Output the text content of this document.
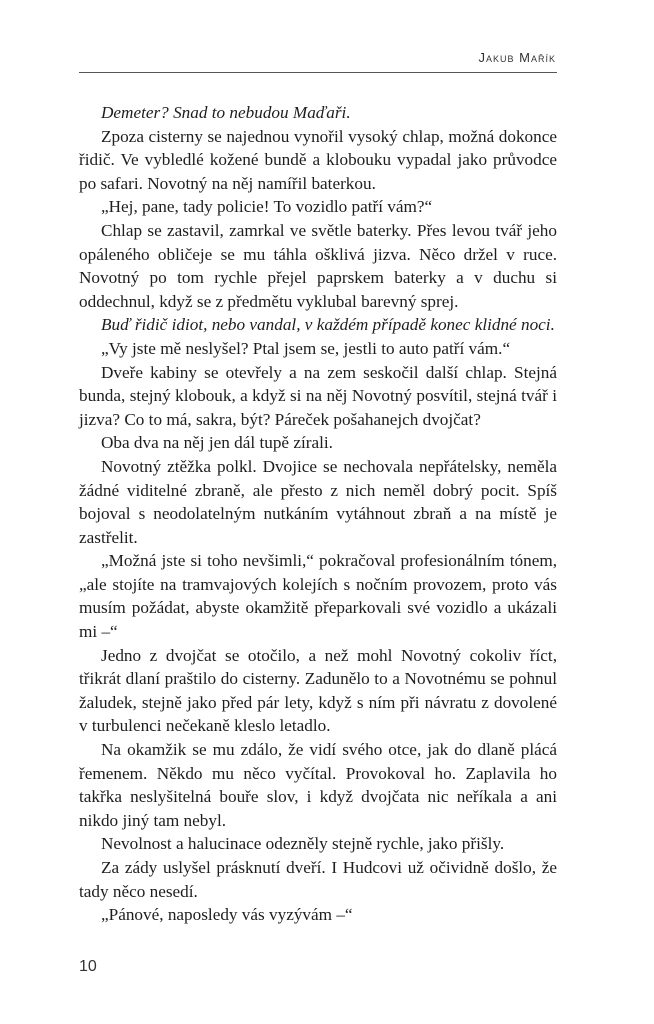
Jakub Mařík

Demeter? Snad to nebudou Maďaři.

Zpoza cisterny se najednou vynořil vysoký chlap, možná dokonce řidič. Ve vybledlé kožené bundě a klobouku vypadal jako průvodce po safari. Novotný na něj namířil baterkou.

„Hej, pane, tady policie! To vozidlo patří vám?“

Chlap se zastavil, zamrkal ve světle baterky. Přes levou tvář jeho opáleného obličeje se mu táhla ošklivá jizva. Něco držel v ruce. Novotný po tom rychle přejel paprskem baterky a v duchu si oddechnul, když se z předmětu vyklubal barevný sprej.

Buď řidič idiot, nebo vandal, v každém případě konec klidné noci.

„Vy jste mě neslyšel? Ptal jsem se, jestli to auto patří vám.“

Dveře kabiny se otevřely a na zem seskočil další chlap. Stejná bunda, stejný klobouk, a když si na něj Novotný posvítil, stejná tvář i jizva? Co to má, sakra, být? Páreček pošahanejch dvojčat?

Oba dva na něj jen dál tupě zírali.

Novotný ztěžka polkl. Dvojice se nechovala nepřátelsky, neměla žádné viditelné zbraně, ale přesto z nich neměl dobrý pocit. Spíš bojoval s neodolatelným nutkáním vytáhnout zbraň a na místě je zastřelit.

„Možná jste si toho nevšimli,“ pokračoval profesionálním tónem, „ale stojíte na tramvajových kolejích s nočním provozem, proto vás musím požádat, abyste okamžitě přeparkovali své vozidlo a ukázali mi –“

Jedno z dvojčat se otočilo, a než mohl Novotný cokoliv říct, třikrát dlaní praštilo do cisterny. Zadunělo to a Novotnému se pohnul žaludek, stejně jako před pár lety, když s ním při návratu z dovolené v turbulenci nečekaně kleslo letadlo.

Na okamžik se mu zdálo, že vidí svého otce, jak do dlaně plácá řemenem. Někdo mu něco vyčítal. Provokoval ho. Zaplavila ho takřka neslyšitelná bouře slov, i když dvojčata nic neříkala a ani nikdo jiný tam nebyl.

Nevolnost a halucinace odezněly stejně rychle, jako přišly.

Za zády uslyšel prásknutí dveří. I Hudcovi už očividně došlo, že tady něco nesedí.

„Pánové, naposledy vás vyzývám –“

10
